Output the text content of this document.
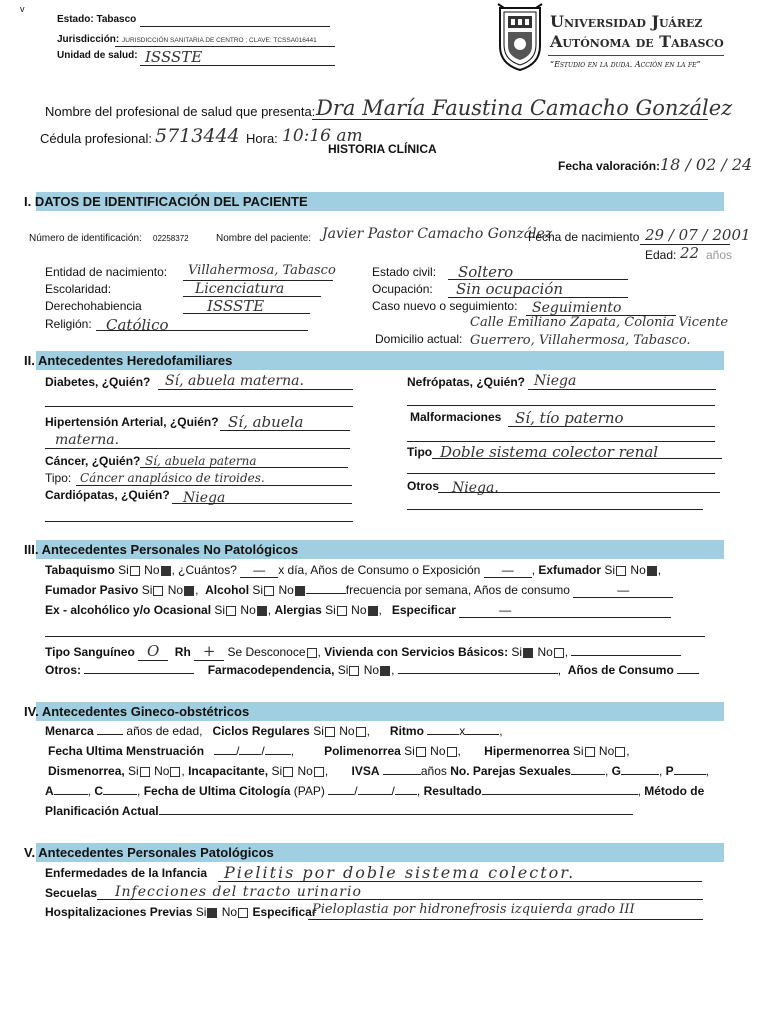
v
Estado: Tabasco
Jurisdicción: JURISDICCIÓN SANITARIA DE CENTRO ; CLAVE: TCSSA016441
Unidad de salud: ISSSTE
Universidad Juárez
Autónoma de Tabasco
“Estudio en la duda. Acción en la fe”
Nombre del profesional de salud que presenta: Dra María Faustina Camacho González
Cédula profesional: 5713444 Hora: 10:16 am
HISTORIA CLÍNICA
Fecha valoración: 18 / 02 / 24
I. DATOS DE IDENTIFICACIÓN DEL PACIENTE
Número de identificación: 02258372	Nombre del paciente: Javier Pastor Camacho González
Fecha de nacimiento 29 / 07 / 2001
Edad: 22 años
Entidad de nacimiento: Villahermosa, Tabasco
Escolaridad:	Licenciatura
Derechohabiencia	ISSSTE
Religión: Católico
Estado civil: Soltero
Ocupación: Sin ocupación
Caso nuevo o seguimiento: Seguimiento
Domicilio actual:
Calle Emiliano Zapata, Colonia Vicente
Guerrero, Villahermosa, Tabasco.
II. Antecedentes Heredofamiliares
Diabetes, ¿Quién? Sí, abuela materna.
Hipertensión Arterial, ¿Quién? Sí, abuela
materna.
Cáncer, ¿Quién? Sí, abuela paterna
Tipo: Cáncer anaplásico de tiroides.
Cardiópatas, ¿Quién? Niega
Nefrópatas, ¿Quién? Niega
Malformaciones Sí, tío paterno
Tipo Doble sistema colector renal
Otros Niega.
III. Antecedentes Personales No Patológicos
Tabaquismo Si No , ¿Cuántos? — x día, Años de Consumo o Exposición — , Exfumador Si No ,
Fumador Pasivo Si No ,  Alcohol Si No	frecuencia por semana, Años de consumo	—
Ex - alcohólico y/o Ocasional Si No , Alergias Si No ,   Especificar	—
Tipo Sanguíneo O Rh + Se Desconoce , Vivienda con Servicios Básicos: Si No ,
Otros:	Farmacodependencia, Si No ,	,  Años de Consumo
IV. Antecedentes Gineco-obstétricos
Menarca	años de edad, Ciclos Regulares Si No ,      Ritmo	x	,
Fecha Ultima Menstruación	/ / ,         Polimenorrea Si No ,       Hipermenorrea Si No ,
Dismenorrea, Si No , Incapacitante, Si No ,       IVSA	años No. Parejas Sexuales	, G	, P	,
A	, C	, Fecha de Ultima Citología (PAP) /	/ , Resultado	, Método de
Planificación Actual
V. Antecedentes Personales Patológicos
Enfermedades de la Infancia Pielitis por doble sistema colector.
Secuelas Infecciones del tracto urinario
Hospitalizaciones Previas Si No Especificar
Pieloplastia por hidronefrosis izquierda grado III
